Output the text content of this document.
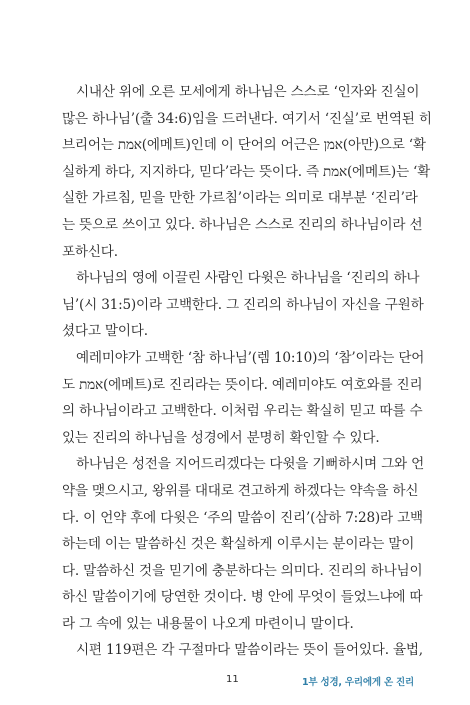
시내산 위에 오른 모세에게 하나님은 스스로 ‘인자와 진실이
많은 하나님’(출 34:6)임을 드러낸다. 여기서 ‘진실’로 번역된 히
브리어는 אמת(에메트)인데 이 단어의 어근은 אמן(아만)으로 ‘확
실하게 하다, 지지하다, 믿다’라는 뜻이다. 즉 אמת(에메트)는 ‘확
실한 가르침, 믿을 만한 가르침’이라는 의미로 대부분 ‘진리’라
는 뜻으로 쓰이고 있다. 하나님은 스스로 진리의 하나님이라 선
포하신다.

하나님의 영에 이끌린 사람인 다윗은 하나님을 ‘진리의 하나
님’(시 31:5)이라 고백한다. 그 진리의 하나님이 자신을 구원하
셨다고 말이다.

예레미야가 고백한 ‘참 하나님’(렘 10:10)의 ‘참’이라는 단어
도 אמת(에메트)로 진리라는 뜻이다. 예레미야도 여호와를 진리
의 하나님이라고 고백한다. 이처럼 우리는 확실히 믿고 따를 수
있는 진리의 하나님을 성경에서 분명히 확인할 수 있다.

하나님은 성전을 지어드리겠다는 다윗을 기뻐하시며 그와 언
약을 맺으시고, 왕위를 대대로 견고하게 하겠다는 약속을 하신
다. 이 언약 후에 다윗은 ‘주의 말씀이 진리’(삼하 7:28)라 고백
하는데 이는 말씀하신 것은 확실하게 이루시는 분이라는 말이
다. 말씀하신 것을 믿기에 충분하다는 의미다. 진리의 하나님이
하신 말씀이기에 당연한 것이다. 병 안에 무엇이 들었느냐에 따
라 그 속에 있는 내용물이 나오게 마련이니 말이다.

시편 119편은 각 구절마다 말씀이라는 뜻이 들어있다. 율법,

11	1부 성경, 우리에게 온 진리
